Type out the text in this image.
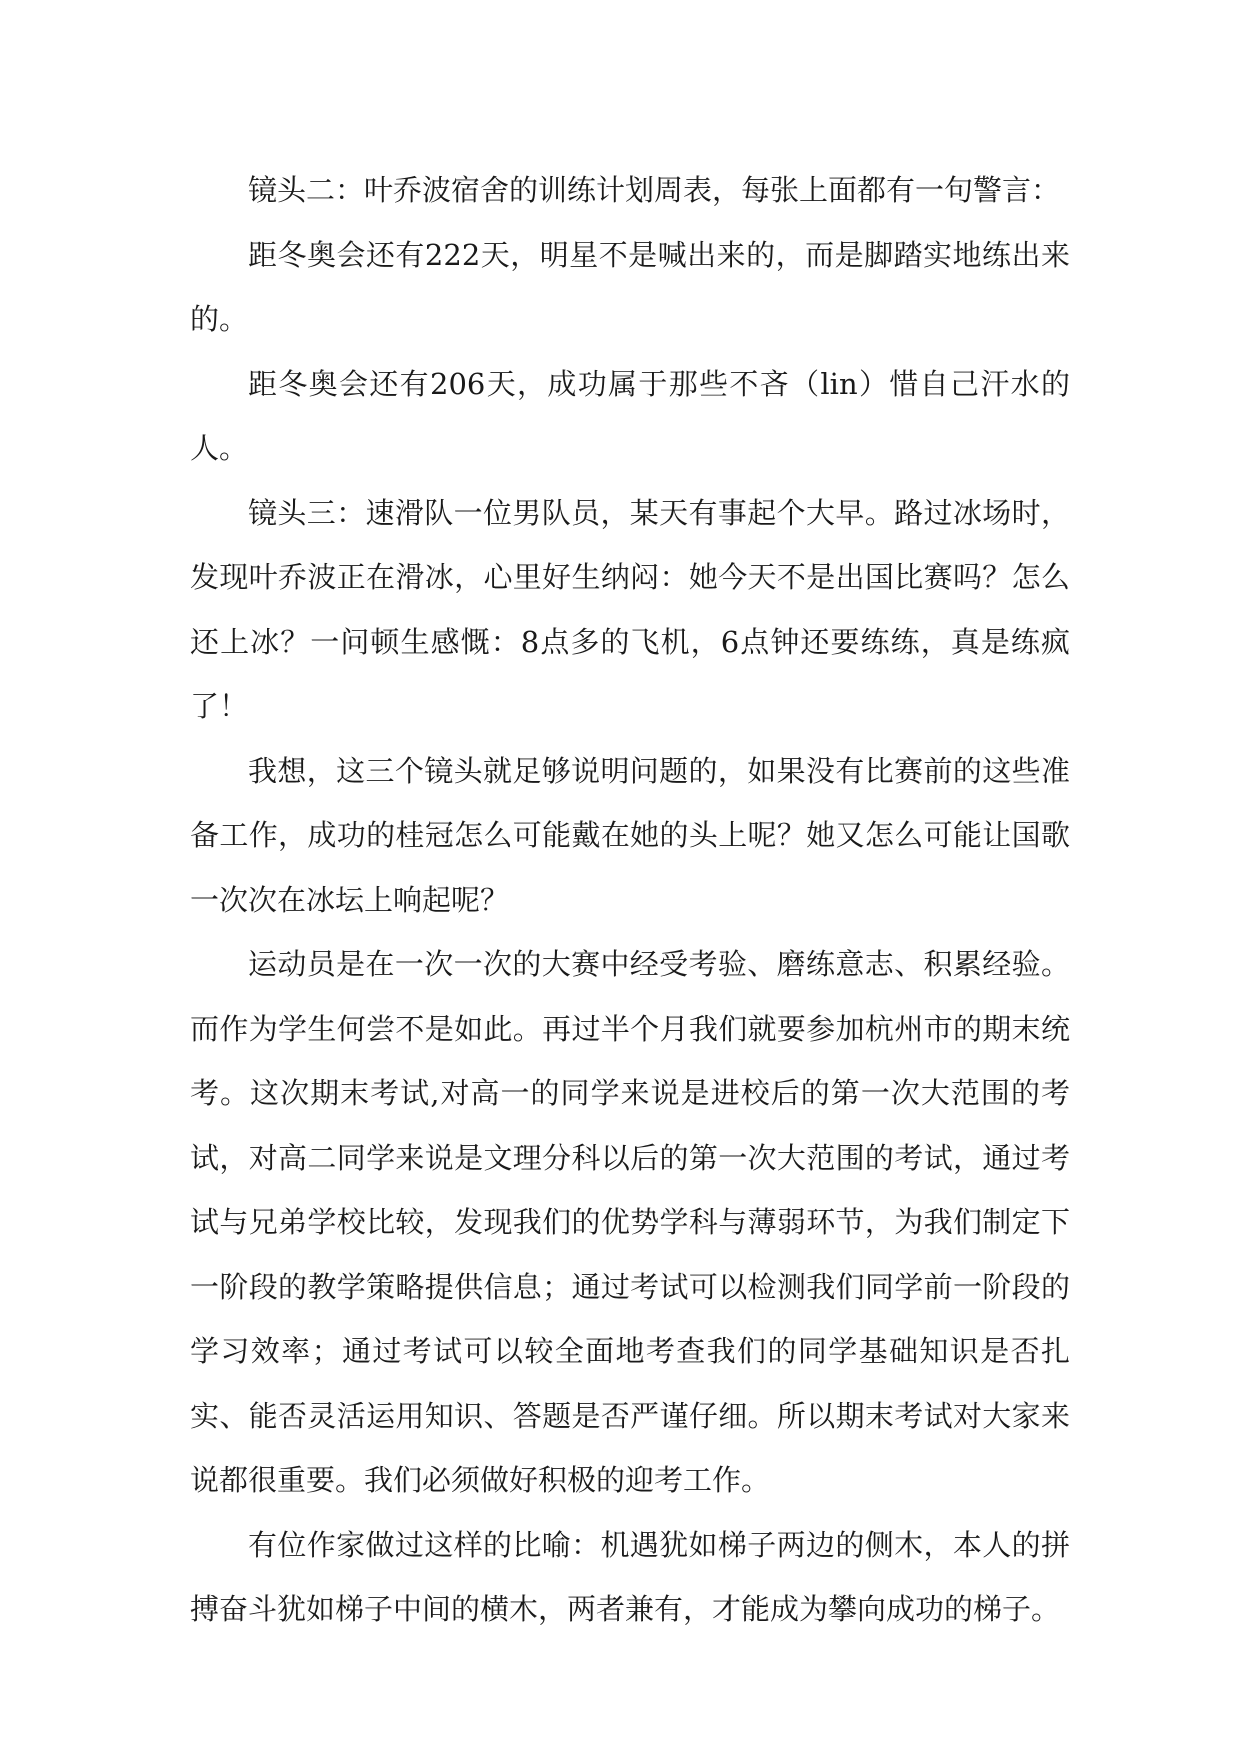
镜头二：叶乔波宿舍的训练计划周表，每张上面都有一句警言：

距冬奥会还有222天，明星不是喊出来的，而是脚踏实地练出来的。

距冬奥会还有206天，成功属于那些不吝（lin）惜自己汗水的人。

镜头三：速滑队一位男队员，某天有事起个大早。路过冰场时，发现叶乔波正在滑冰，心里好生纳闷：她今天不是出国比赛吗？怎么还上冰？一问顿生感慨：8点多的飞机，6点钟还要练练，真是练疯了！

我想，这三个镜头就足够说明问题的，如果没有比赛前的这些准备工作，成功的桂冠怎么可能戴在她的头上呢？她又怎么可能让国歌一次次在冰坛上响起呢？

运动员是在一次一次的大赛中经受考验、磨练意志、积累经验。而作为学生何尝不是如此。再过半个月我们就要参加杭州市的期末统考。这次期末考试,对高一的同学来说是进校后的第一次大范围的考试，对高二同学来说是文理分科以后的第一次大范围的考试，通过考试与兄弟学校比较，发现我们的优势学科与薄弱环节，为我们制定下一阶段的教学策略提供信息；通过考试可以检测我们同学前一阶段的学习效率；通过考试可以较全面地考查我们的同学基础知识是否扎实、能否灵活运用知识、答题是否严谨仔细。所以期末考试对大家来说都很重要。我们必须做好积极的迎考工作。

有位作家做过这样的比喻：机遇犹如梯子两边的侧木，本人的拼搏奋斗犹如梯子中间的横木，两者兼有，才能成为攀向成功的梯子。
